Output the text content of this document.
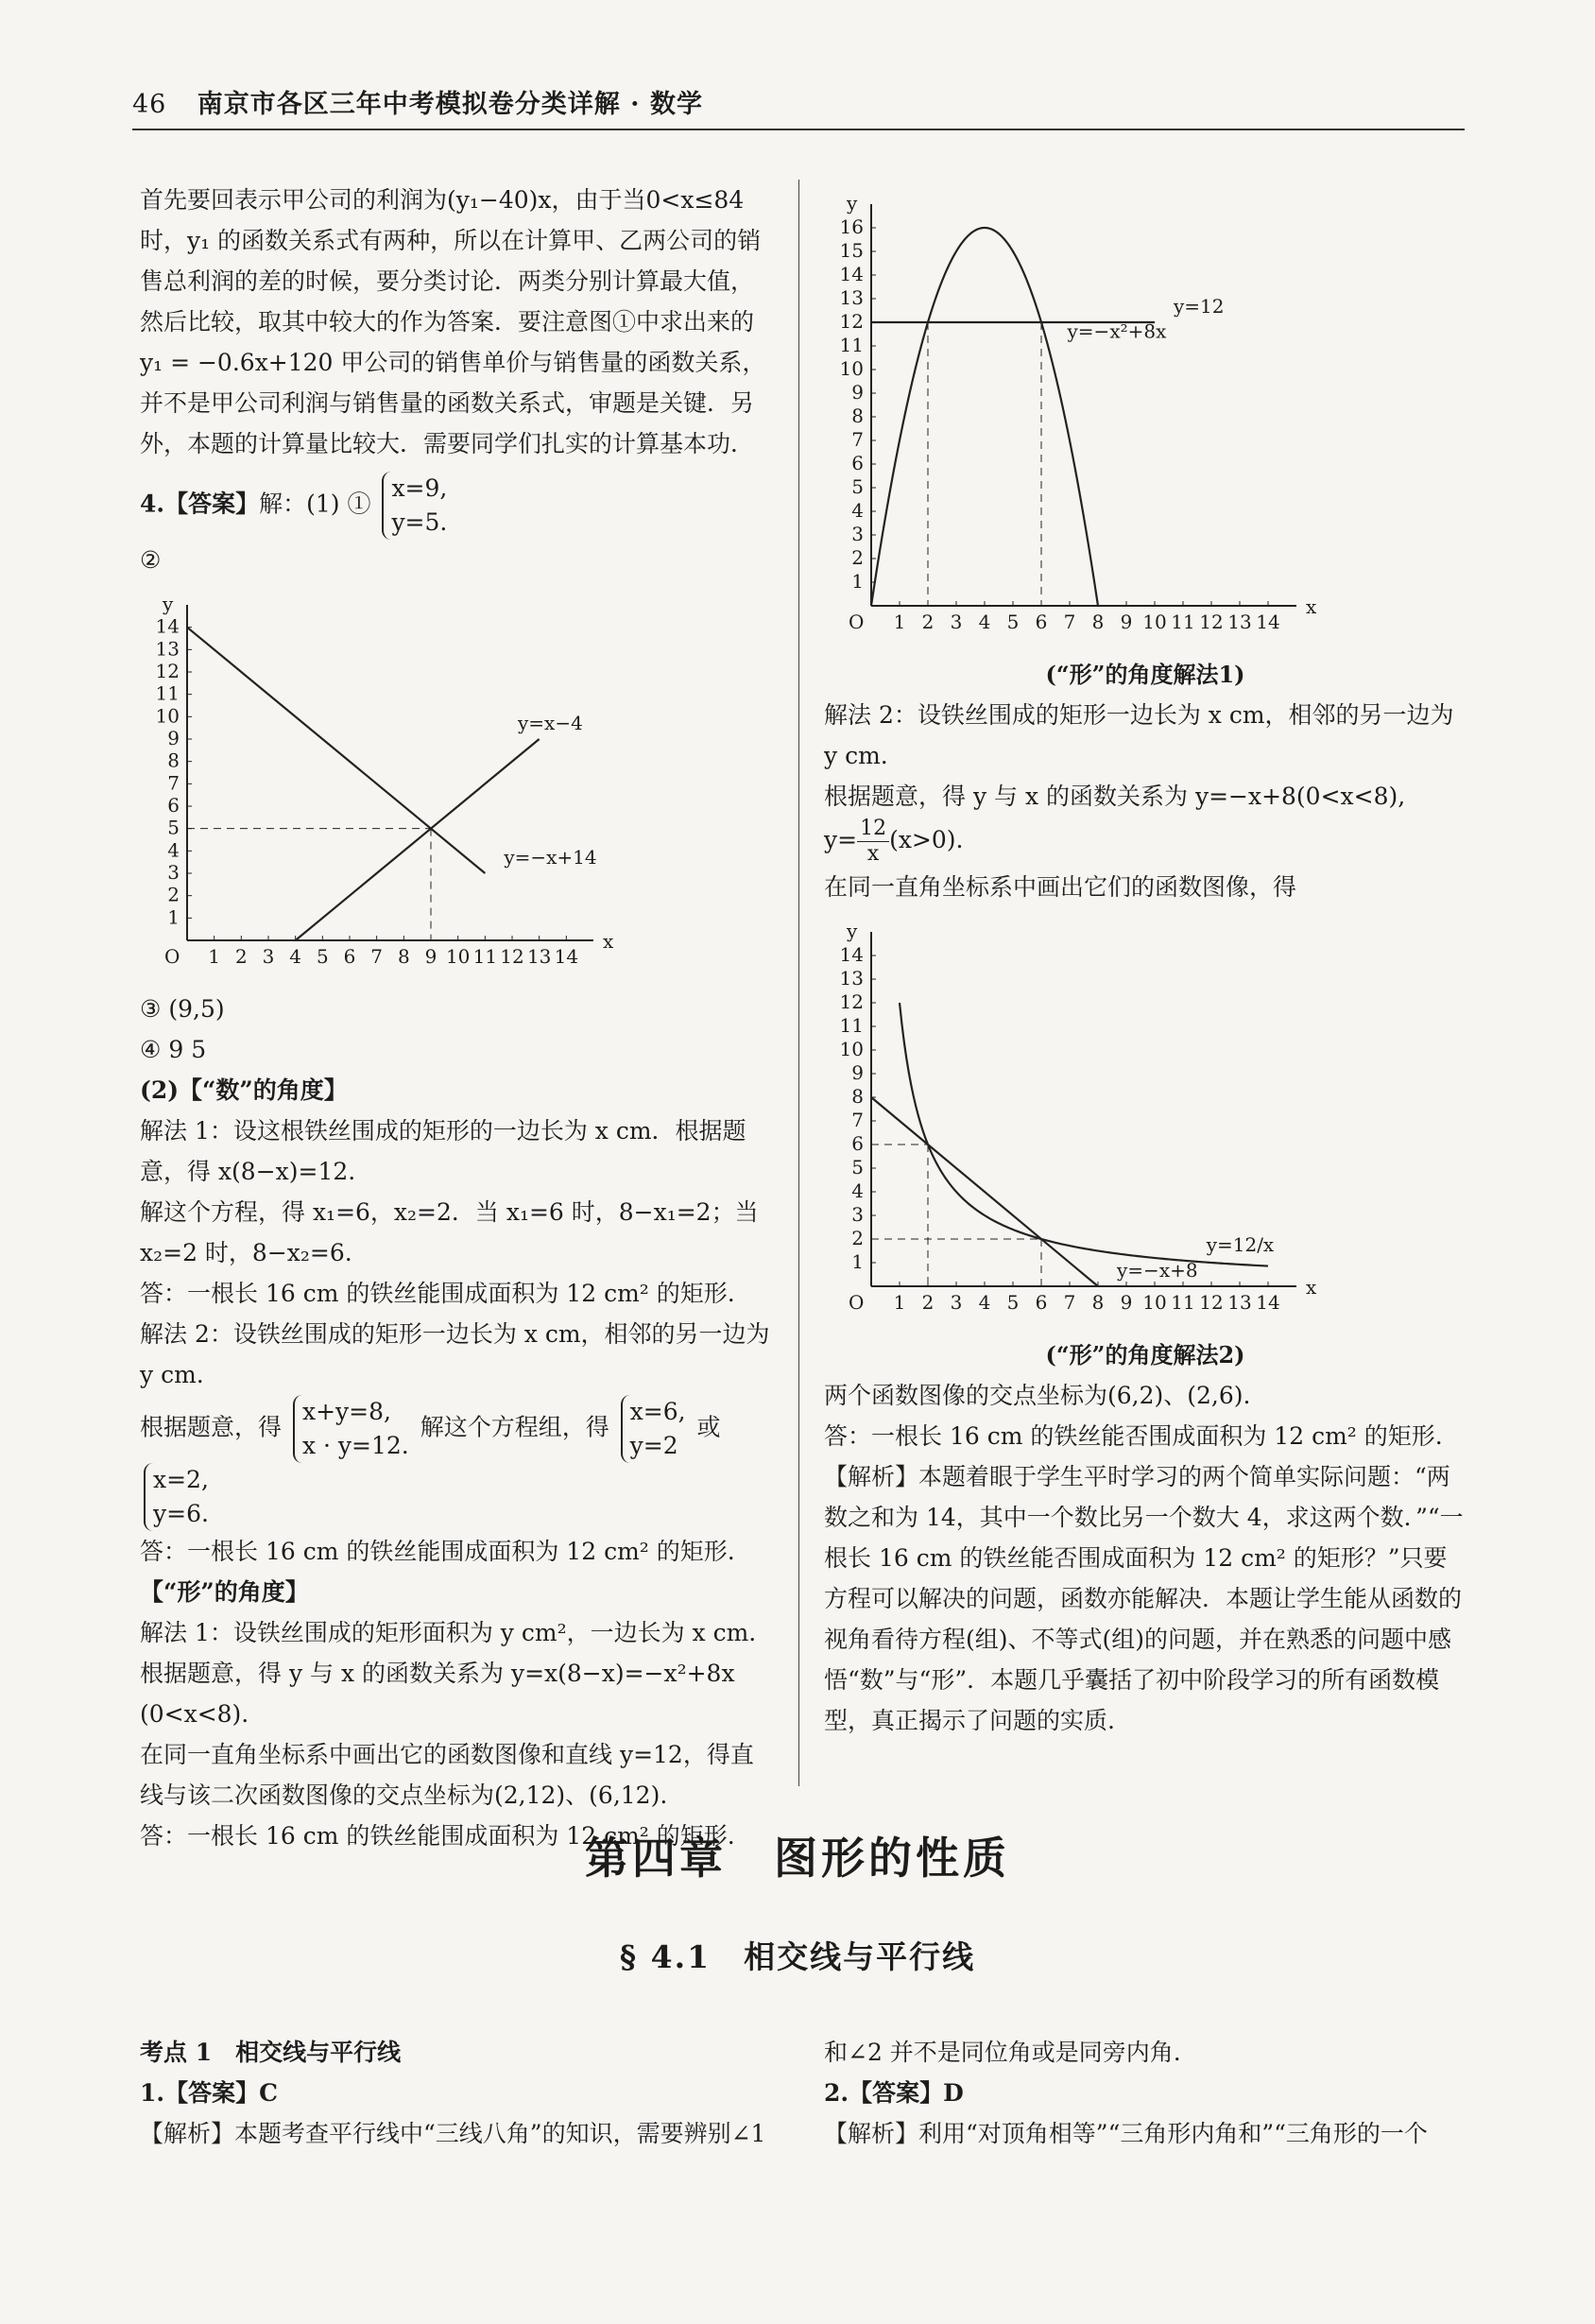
46 南京市各区三年中考模拟卷分类详解 · 数学

首先要回表示甲公司的利润为(y₁−40)x，由于当0<x≤84时，y₁ 的函数关系式有两种，所以在计算甲、乙两公司的销售总利润的差的时候，要分类讨论．两类分别计算最大值，然后比较，取其中较大的作为答案．要注意图①中求出来的 y₁ = −0.6x+120 甲公司的销售单价与销售量的函数关系，并不是甲公司利润与销售量的函数关系式，审题是关键．另外，本题的计算量比较大．需要同学们扎实的计算基本功．

4.【答案】解：(1) ①
x=9,
y=5.

②

x
y
O 1 2 3 4 5 6 7 8 9 10 11 12 13 14
1
2
3
4
5
6
7
8
9
10
11
12
13
14
y=−x+14
y=x−4

③ (9,5)

④ 9 5

(2)【“数”的角度】

解法 1：设这根铁丝围成的矩形的一边长为 x cm．根据题意，得 x(8−x)=12.

解这个方程，得 x₁=6，x₂=2．当 x₁=6 时，8−x₁=2；当 x₂=2 时，8−x₂=6.

答：一根长 16 cm 的铁丝能围成面积为 12 cm² 的矩形.

解法 2：设铁丝围成的矩形一边长为 x cm，相邻的另一边为 y cm.

根据题意，得
x+y=8,
x · y=12.
解这个方程组，得
x=6,
y=2
或
x=2,
y=6.

答：一根长 16 cm 的铁丝能围成面积为 12 cm² 的矩形.

【“形”的角度】

解法 1：设铁丝围成的矩形面积为 y cm²，一边长为 x cm. 根据题意，得 y 与 x 的函数关系为 y=x(8−x)=−x²+8x (0<x<8).

在同一直角坐标系中画出它的函数图像和直线 y=12，得直线与该二次函数图像的交点坐标为(2,12)、(6,12).

答：一根长 16 cm 的铁丝能围成面积为 12 cm² 的矩形.

x
y
O 1 2 3 4 5 6 7 8 9 10 11 12 13 14
1
2
3
4
5
6
7
8
9
10
11
12
13
14
15
16
y=−x²+8x
y=12

(“形”的角度解法1)

解法 2：设铁丝围成的矩形一边长为 x cm，相邻的另一边为 y cm.

根据题意，得 y 与 x 的函数关系为 y=−x+8(0<x<8),

$y= \frac{12}{x} (x>0)$.

在同一直角坐标系中画出它们的函数图像，得

x
y
O 1 2 3 4 5 6 7 8 9 10 11 12 13 14
1
2
3
4
5
6
7
8
9
10
11
12
13
14
y=−x+8
y=12/x

(“形”的角度解法2)

两个函数图像的交点坐标为(6,2)、(2,6).

答：一根长 16 cm 的铁丝能否围成面积为 12 cm² 的矩形.

【解析】本题着眼于学生平时学习的两个简单实际问题：“两数之和为 14，其中一个数比另一个数大 4，求这两个数．”“一根长 16 cm 的铁丝能否围成面积为 12 cm² 的矩形？”只要方程可以解决的问题，函数亦能解决．本题让学生能从函数的视角看待方程(组)、不等式(组)的问题，并在熟悉的问题中感悟“数”与“形”．本题几乎囊括了初中阶段学习的所有函数模型，真正揭示了问题的实质.

第四章　图形的性质
§ 4.1　相交线与平行线

考点 1　相交线与平行线

1.【答案】C

【解析】本题考查平行线中“三线八角”的知识，需要辨别∠1

和∠2 并不是同位角或是同旁内角.

2.【答案】D

【解析】利用“对顶角相等”“三角形内角和”“三角形的一个
